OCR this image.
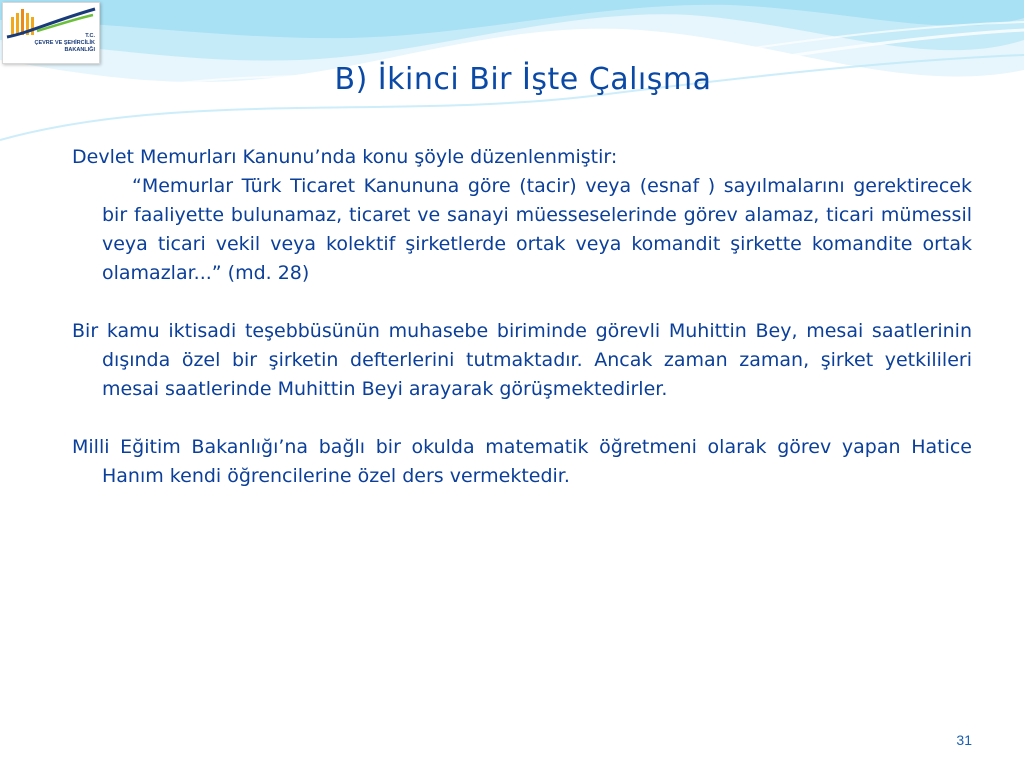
T.C.
ÇEVRE VE ŞEHİRCİLİK
BAKANLIĞI
B) İkinci Bir İşte Çalışma

Devlet Memurları Kanunu’nda konu şöyle düzenlenmiştir:

“Memurlar Türk Ticaret Kanununa göre (tacir) veya (esnaf ) sayılmalarını gerektirecek bir faaliyette bulunamaz, ticaret ve sanayi müesseselerinde görev alamaz, ticari mümessil veya ticari vekil veya kolektif şirketlerde ortak veya komandit şirkette komandite ortak olamazlar...” (md. 28)

Bir kamu iktisadi teşebbüsünün muhasebe biriminde görevli Muhittin Bey, mesai saatlerinin dışında özel bir şirketin defterlerini tutmaktadır. Ancak zaman zaman, şirket yetkilileri mesai saatlerinde Muhittin Beyi arayarak görüşmektedirler.

Milli Eğitim Bakanlığı’na bağlı bir okulda matematik öğretmeni olarak görev yapan Hatice Hanım kendi öğrencilerine özel ders vermektedir.

31
